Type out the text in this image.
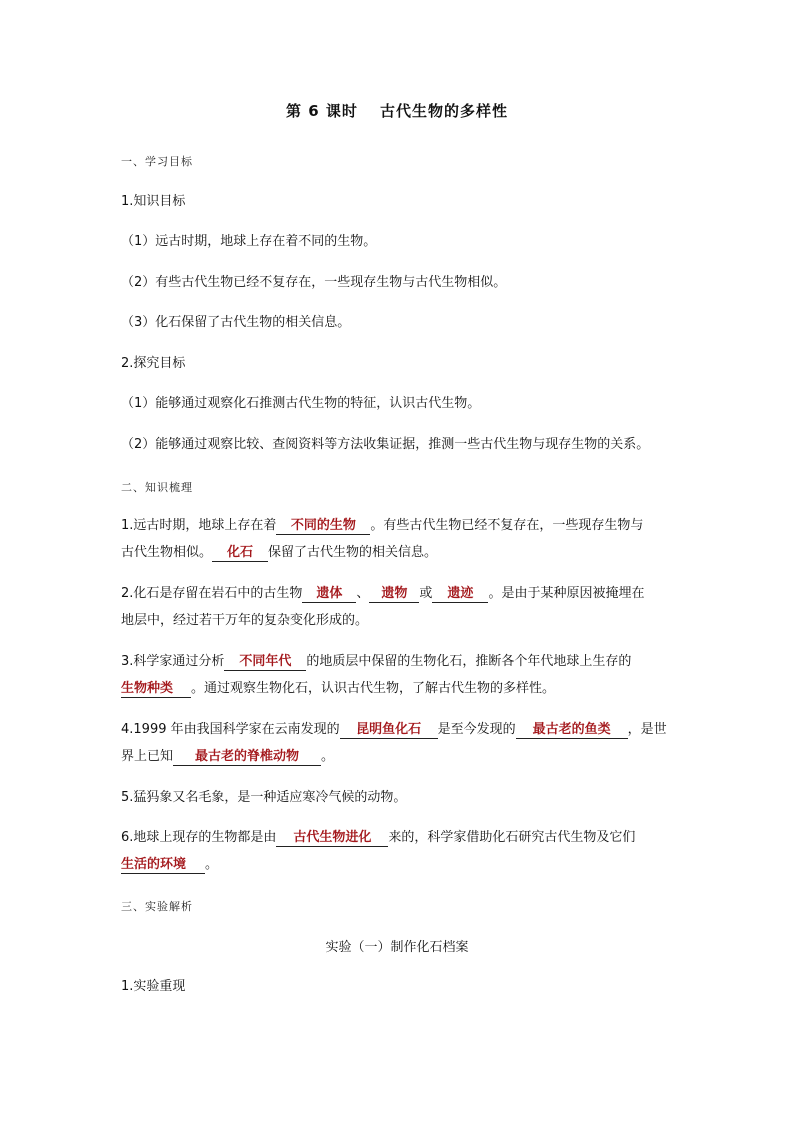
第 6 课时 古代生物的多样性
一、学习目标
1.知识目标
（1）远古时期，地球上存在着不同的生物。
（2）有些古代生物已经不复存在，一些现存生物与古代生物相似。
（3）化石保留了古代生物的相关信息。
2.探究目标
（1）能够通过观察化石推测古代生物的特征，认识古代生物。
（2）能够通过观察比较、查阅资料等方法收集证据，推测一些古代生物与现存生物的关系。
二、知识梳理
1.远古时期，地球上存在着 不同的生物 。有些古代生物已经不复存在，一些现存生物与
古代生物相似。 化石 保留了古代生物的相关信息。
2.化石是存留在岩石中的古生物 遗体 、 遗物 或 遗迹 。是由于某种原因被掩埋在
地层中，经过若干万年的复杂变化形成的。
3.科学家通过分析 不同年代 的地质层中保留的生物化石，推断各个年代地球上生存的
生物种类 。通过观察生物化石，认识古代生物，了解古代生物的多样性。
4.1999 年由我国科学家在云南发现的 昆明鱼化石 是至今发现的 最古老的鱼类 ，是世
界上已知 最古老的脊椎动物 。
5.猛犸象又名毛象，是一种适应寒冷气候的动物。
6.地球上现存的生物都是由 古代生物进化 来的，科学家借助化石研究古代生物及它们
生活的环境 。
三、实验解析
实验（一）制作化石档案
1.实验重现
